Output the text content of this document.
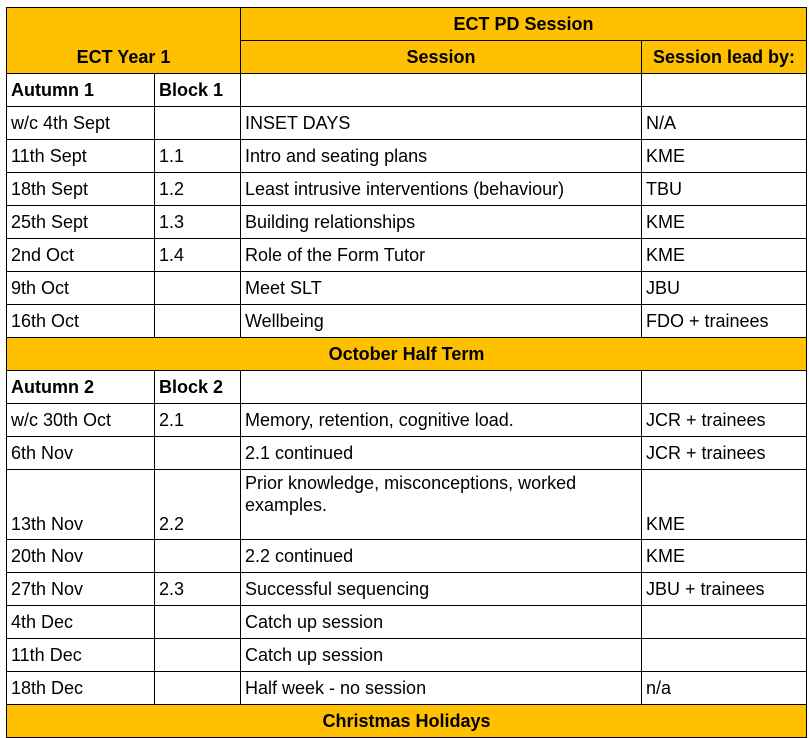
ECT Year 1		ECT PD Session	
		Session	Session lead by:
Autumn 1	Block 1		
w/c 4th Sept		INSET DAYS	N/A
11th Sept	1.1	Intro and seating plans	KME
18th Sept	1.2	Least intrusive interventions (behaviour)	TBU
25th Sept	1.3	Building relationships	KME
2nd Oct	1.4	Role of the Form Tutor	KME
9th Oct		Meet SLT	JBU
16th Oct		Wellbeing	FDO + trainees
October Half Term			
Autumn 2	Block 2		
w/c 30th Oct	2.1	Memory, retention, cognitive load.	JCR + trainees
6th Nov		2.1 continued	JCR + trainees
13th Nov	2.2	Prior knowledge, misconceptions, worked examples.	KME
20th Nov		2.2 continued	KME
27th Nov	2.3	Successful sequencing	JBU + trainees
4th Dec		Catch up session	
11th Dec		Catch up session	
18th Dec		Half week - no session	n/a
Christmas Holidays			
